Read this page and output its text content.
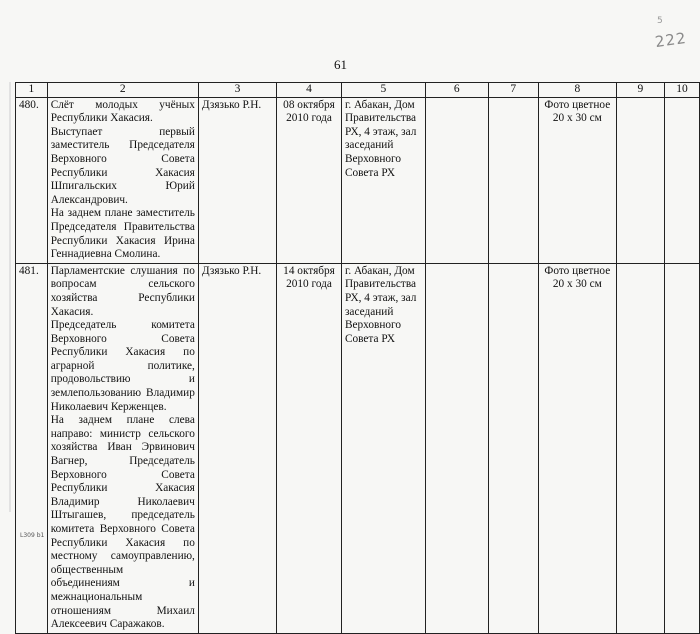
5
222
61
1	2	3	4	5	6	7	8	9	10
480.	Слёт молодых учёных Республики Хакасия.
Выступает первый заместитель Председателя Верховного Совета Республики Хакасия Шпигальских Юрий Александрович.
На заднем плане заместитель Председателя Правительства Республики Хакасия Ирина Геннадиевна Смолина.	Дзязько Р.Н.	08 октября 2010 года	г. Абакан, Дом Правительства РХ, 4 этаж, зал заседаний Верховного Совета РХ			Фото цветное 20 х 30 см		
481.	Парламентские слушания по вопросам сельского хозяйства Республики Хакасия.
Председатель комитета Верховного Совета Республики Хакасия по аграрной политике, продовольствию и землепользованию Владимир Николаевич Керженцев.
На заднем плане слева направо: министр сельского хозяйства Иван Эрвинович Вагнер, Председатель Верховного Совета Республики Хакасия Владимир Николаевич Штыгашев, председатель комитета Верховного Совета Республики Хакасия по местному самоуправлению, общественным объединениям и межнациональным отношениям Михаил Алексеевич Саражаков.	Дзязько Р.Н.	14 октября 2010 года	г. Абакан, Дом Правительства РХ, 4 этаж, зал заседаний Верховного Совета РХ			Фото цветное 20 х 30 см		
L309 b1
